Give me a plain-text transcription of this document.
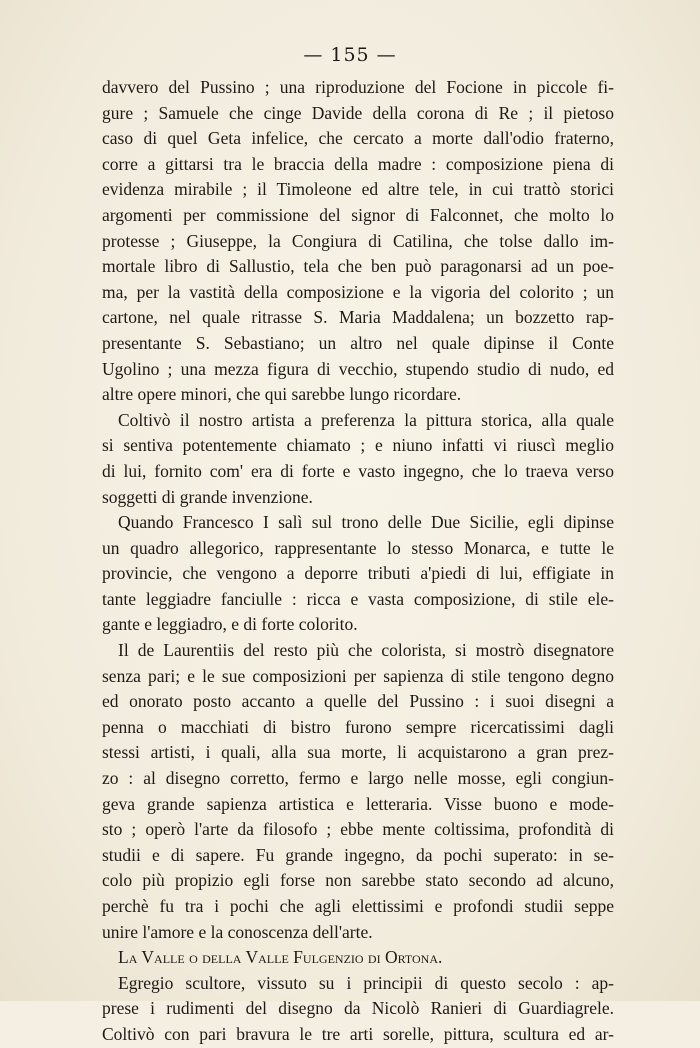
— 155 —
davvero del Pussino ; una riproduzione del Focione in piccole fi-
gure ; Samuele che cinge Davide della corona di Re ; il pietoso
caso di quel Geta infelice, che cercato a morte dall'odio fraterno,
corre a gittarsi tra le braccia della madre : composizione piena di
evidenza mirabile ; il Timoleone ed altre tele, in cui trattò storici
argomenti per commissione del signor di Falconnet, che molto lo
protesse ; Giuseppe, la Congiura di Catilina, che tolse dallo im-
mortale libro di Sallustio, tela che ben può paragonarsi ad un poe-
ma, per la vastità della composizione e la vigoria del colorito ; un
cartone, nel quale ritrasse S. Maria Maddalena; un bozzetto rap-
presentante S. Sebastiano; un altro nel quale dipinse il Conte
Ugolino ; una mezza figura di vecchio, stupendo studio di nudo, ed
altre opere minori, che qui sarebbe lungo ricordare.
Coltivò il nostro artista a preferenza la pittura storica, alla quale
si sentiva potentemente chiamato ; e niuno infatti vi riuscì meglio
di lui, fornito com' era di forte e vasto ingegno, che lo traeva verso
soggetti di grande invenzione.
Quando Francesco I salì sul trono delle Due Sicilie, egli dipinse
un quadro allegorico, rappresentante lo stesso Monarca, e tutte le
provincie, che vengono a deporre tributi a'piedi di lui, effigiate in
tante leggiadre fanciulle : ricca e vasta composizione, di stile ele-
gante e leggiadro, e di forte colorito.
Il de Laurentiis del resto più che colorista, si mostrò disegnatore
senza pari; e le sue composizioni per sapienza di stile tengono degno
ed onorato posto accanto a quelle del Pussino : i suoi disegni a
penna o macchiati di bistro furono sempre ricercatissimi dagli
stessi artisti, i quali, alla sua morte, li acquistarono a gran prez-
zo : al disegno corretto, fermo e largo nelle mosse, egli congiun-
geva grande sapienza artistica e letteraria. Visse buono e mode-
sto ; operò l'arte da filosofo ; ebbe mente coltissima, profondità di
studii e di sapere. Fu grande ingegno, da pochi superato: in se-
colo più propizio egli forse non sarebbe stato secondo ad alcuno,
perchè fu tra i pochi che agli elettissimi e profondi studii seppe
unire l'amore e la conoscenza dell'arte.
La Valle o della Valle Fulgenzio di Ortona.
Egregio scultore, vissuto su i principii di questo secolo : ap-
prese i rudimenti del disegno da Nicolò Ranieri di Guardiagrele.
Coltivò con pari bravura le tre arti sorelle, pittura, scultura ed ar-
